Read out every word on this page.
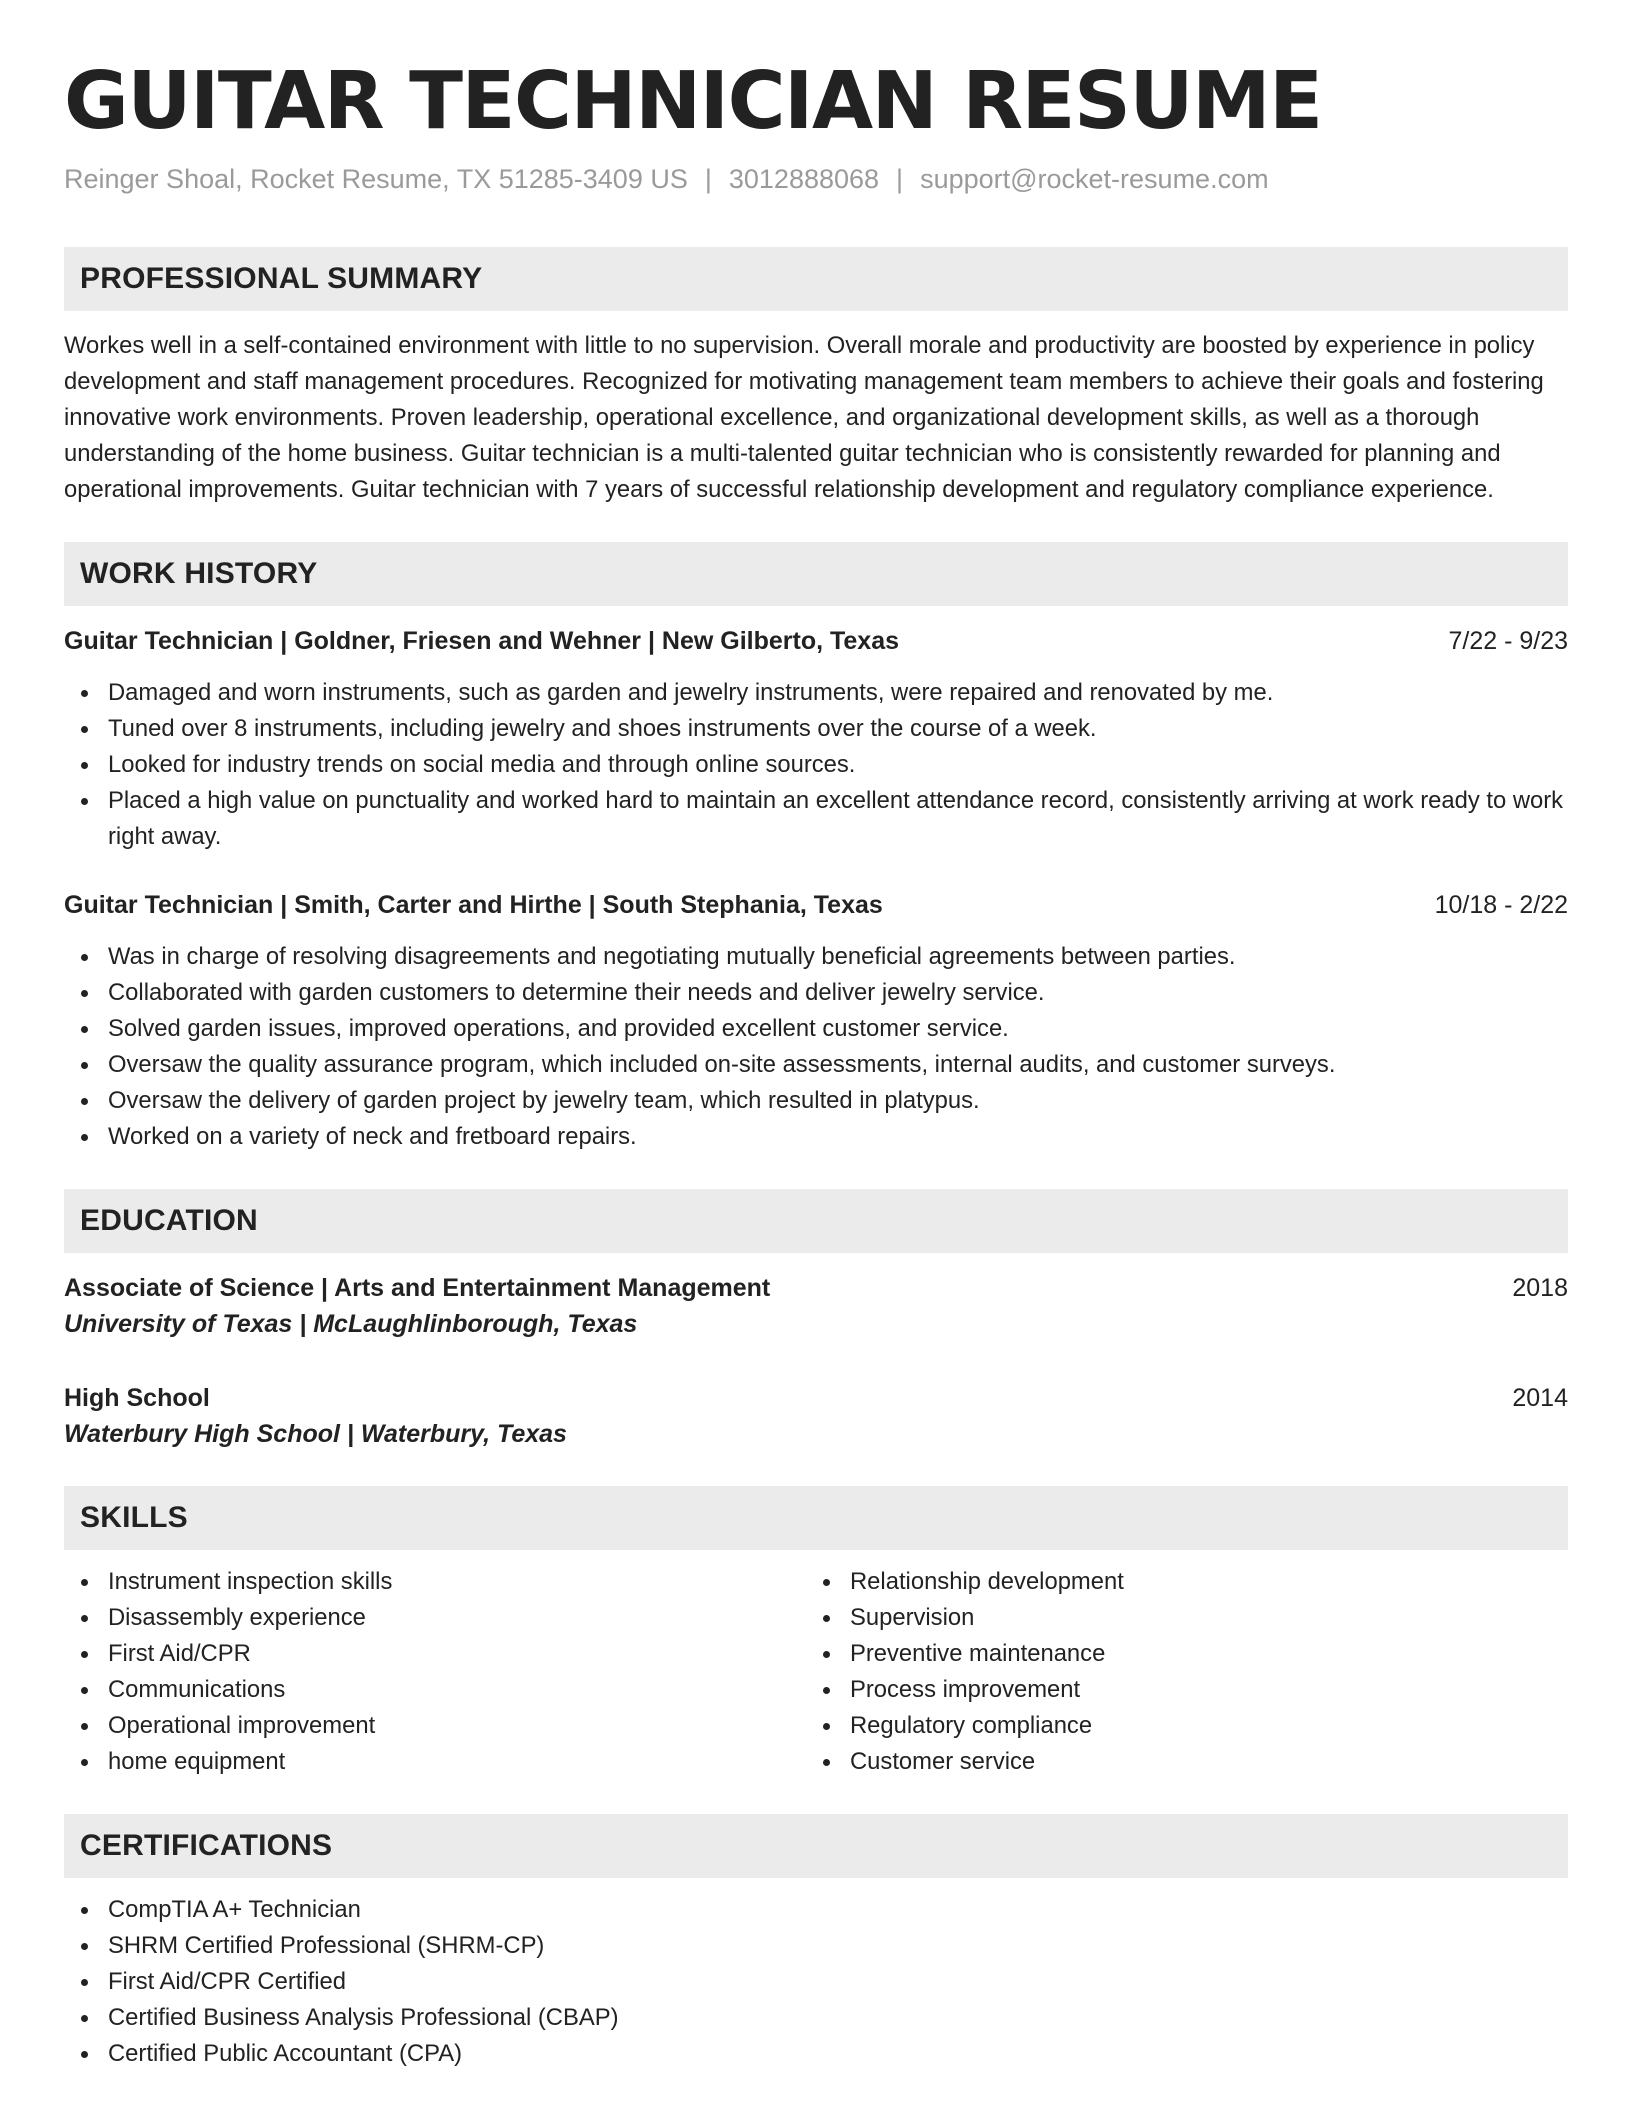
GUITAR TECHNICIAN RESUME
Reinger Shoal, Rocket Resume, TX 51285-3409 US | 3012888068 | support@rocket-resume.com
PROFESSIONAL SUMMARY

Workes well in a self-contained environment with little to no supervision. Overall morale and productivity are boosted by experience in policy development and staff management procedures. Recognized for motivating management team members to achieve their goals and fostering innovative work environments. Proven leadership, operational excellence, and organizational development skills, as well as a thorough understanding of the home business. Guitar technician is a multi-talented guitar technician who is consistently rewarded for planning and operational improvements. Guitar technician with 7 years of successful relationship development and regulatory compliance experience.

WORK HISTORY
Guitar Technician | Goldner, Friesen and Wehner | New Gilberto, Texas	7/22 - 9/23
Damaged and worn instruments, such as garden and jewelry instruments, were repaired and renovated by me.
Tuned over 8 instruments, including jewelry and shoes instruments over the course of a week.
Looked for industry trends on social media and through online sources.
Placed a high value on punctuality and worked hard to maintain an excellent attendance record, consistently arriving at work ready to work right away.
Guitar Technician | Smith, Carter and Hirthe | South Stephania, Texas	10/18 - 2/22
Was in charge of resolving disagreements and negotiating mutually beneficial agreements between parties.
Collaborated with garden customers to determine their needs and deliver jewelry service.
Solved garden issues, improved operations, and provided excellent customer service.
Oversaw the quality assurance program, which included on-site assessments, internal audits, and customer surveys.
Oversaw the delivery of garden project by jewelry team, which resulted in platypus.
Worked on a variety of neck and fretboard repairs.
EDUCATION
Associate of Science | Arts and Entertainment Management	2018
University of Texas | McLaughlinborough, Texas
High School	2014
Waterbury High School | Waterbury, Texas
SKILLS
Instrument inspection skills
Disassembly experience
First Aid/CPR
Communications
Operational improvement
home equipment
Relationship development
Supervision
Preventive maintenance
Process improvement
Regulatory compliance
Customer service
CERTIFICATIONS
CompTIA A+ Technician
SHRM Certified Professional (SHRM-CP)
First Aid/CPR Certified
Certified Business Analysis Professional (CBAP)
Certified Public Accountant (CPA)
